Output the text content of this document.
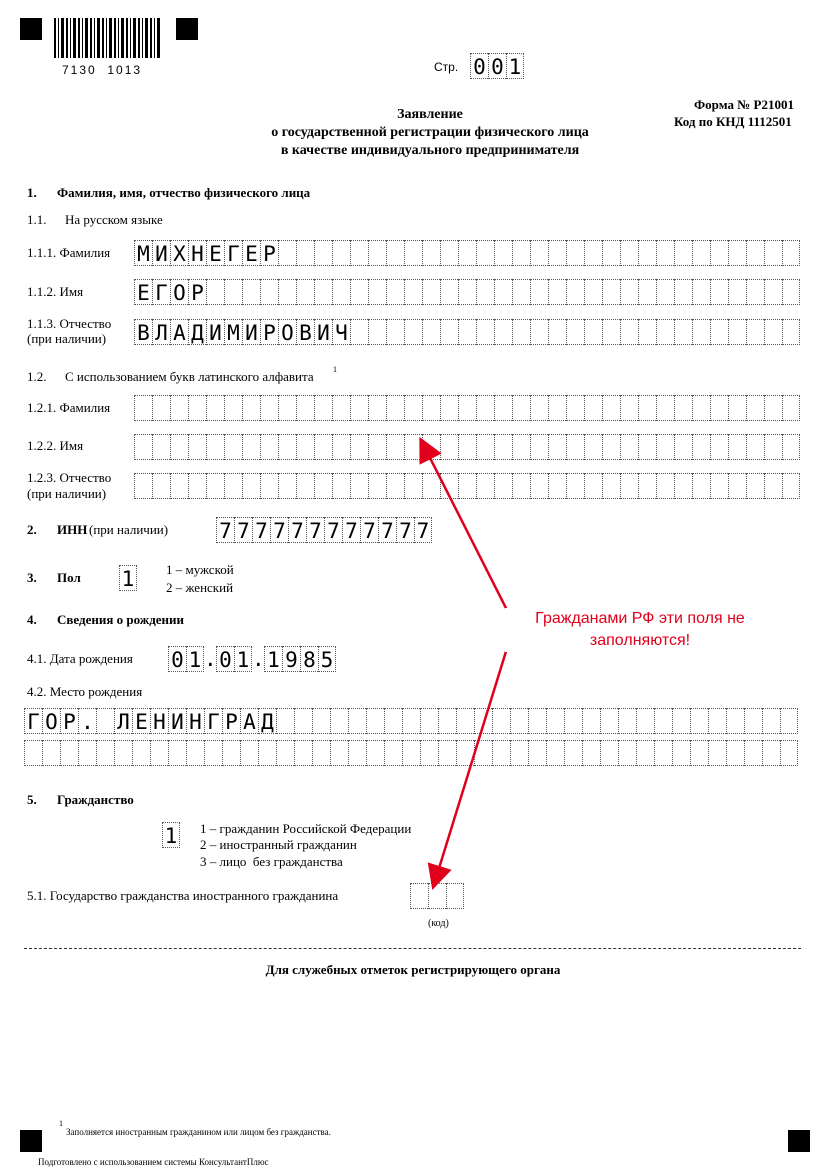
7130  1013	Стр. 0 0 1
Форма № Р21001
Код по КНД 1112501
Заявление
о государственной регистрации физического лица
в качестве индивидуального предпринимателя
1. Фамилия, имя, отчество физического лица
1.1. На русском языке
1.1.1. Фамилия М И Х Н Е Г Е Р
1.1.2. Имя	Е Г О Р
1.1.3. Отчество
(при наличии) В Л А Д И М И Р О В И Ч
1.2. С использованием букв латинского алфавита 1
1.2.1. Фамилия
1.2.2. Имя
1.2.3. Отчество
(при наличии)
2. ИНН (при наличии) 7 7 7 7 7 7 7 7 7 7 7 7
3. Пол 1 1 – мужской
2 – женский
4. Сведения о рождении
4.1. Дата рождения 0 1 . 0 1 . 1 9 8 5
4.2. Место рождения
Г О Р . Л Е Н И Н Г Р А Д
5. Гражданство
1 1 – гражданин Российской Федерации
2 – иностранный гражданин
3 – лицо  без гражданства
5.1. Государство гражданства иностранного гражданина
(код)
Для служебных отметок регистрирующего органа
Гражданами РФ эти поля не
заполняются!
1
Заполняется иностранным гражданином или лицом без гражданства.
Подготовлено с использованием системы КонсультантПлюс
